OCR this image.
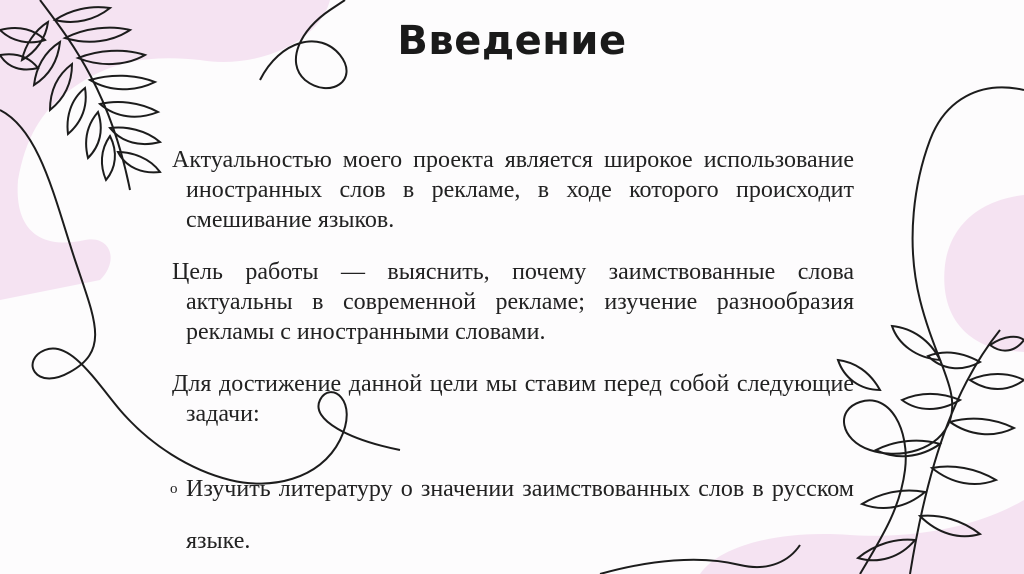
Введение

Актуальностью моего проекта является широкое использование иностранных слов в рекламе, в ходе которого происходит смешивание языков.

Цель работы — выяснить, почему заимствованные слова актуальны в современной рекламе; изучение разнообразия рекламы с иностранными словами.

Для достижение данной цели мы ставим перед собой следующие задачи:

o Изучить литературу о значении заимствованных слов в русском языке.
